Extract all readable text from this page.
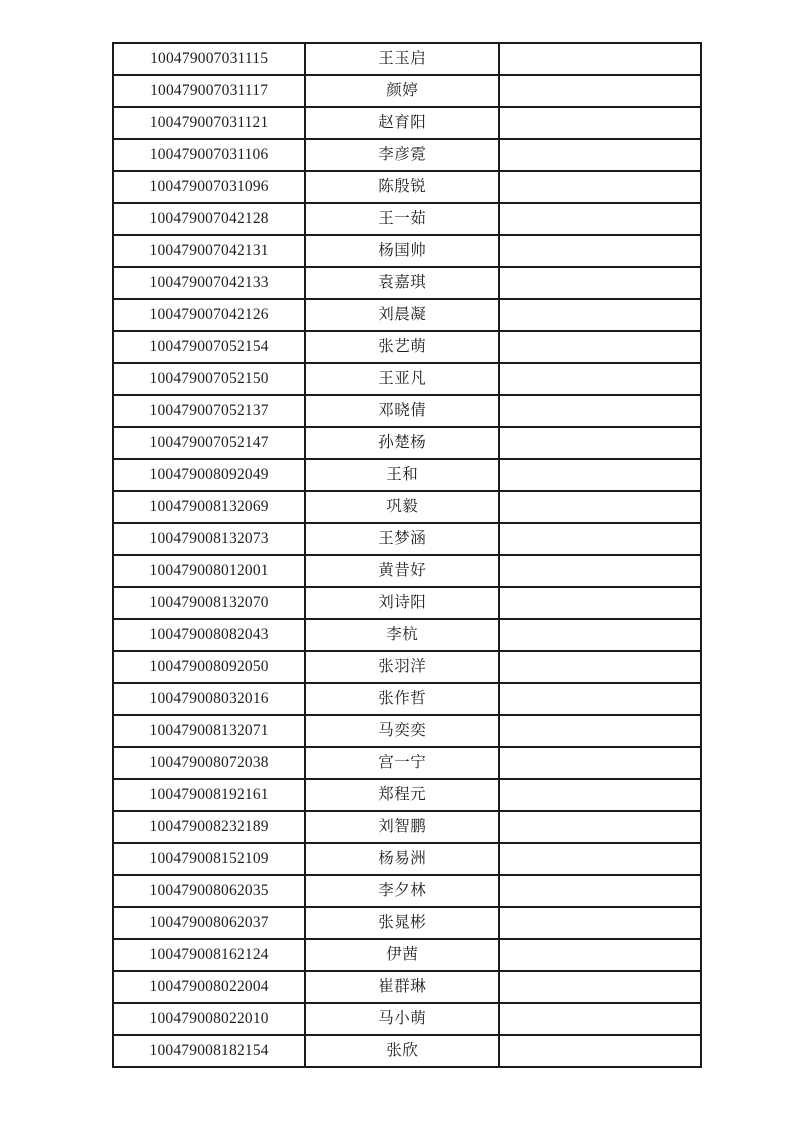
100479007031115	王玉启	
100479007031117	颜婷	
100479007031121	赵育阳	
100479007031106	李彦霓	
100479007031096	陈殷锐	
100479007042128	王一茹	
100479007042131	杨国帅	
100479007042133	袁嘉琪	
100479007042126	刘晨凝	
100479007052154	张艺萌	
100479007052150	王亚凡	
100479007052137	邓晓倩	
100479007052147	孙楚杨	
100479008092049	王和	
100479008132069	巩毅	
100479008132073	王梦涵	
100479008012001	黄昔好	
100479008132070	刘诗阳	
100479008082043	李杭	
100479008092050	张羽洋	
100479008032016	张作哲	
100479008132071	马奕奕	
100479008072038	宫一宁	
100479008192161	郑程元	
100479008232189	刘智鹏	
100479008152109	杨易洲	
100479008062035	李夕林	
100479008062037	张晁彬	
100479008162124	伊茜	
100479008022004	崔群琳	
100479008022010	马小萌	
100479008182154	张欣	
